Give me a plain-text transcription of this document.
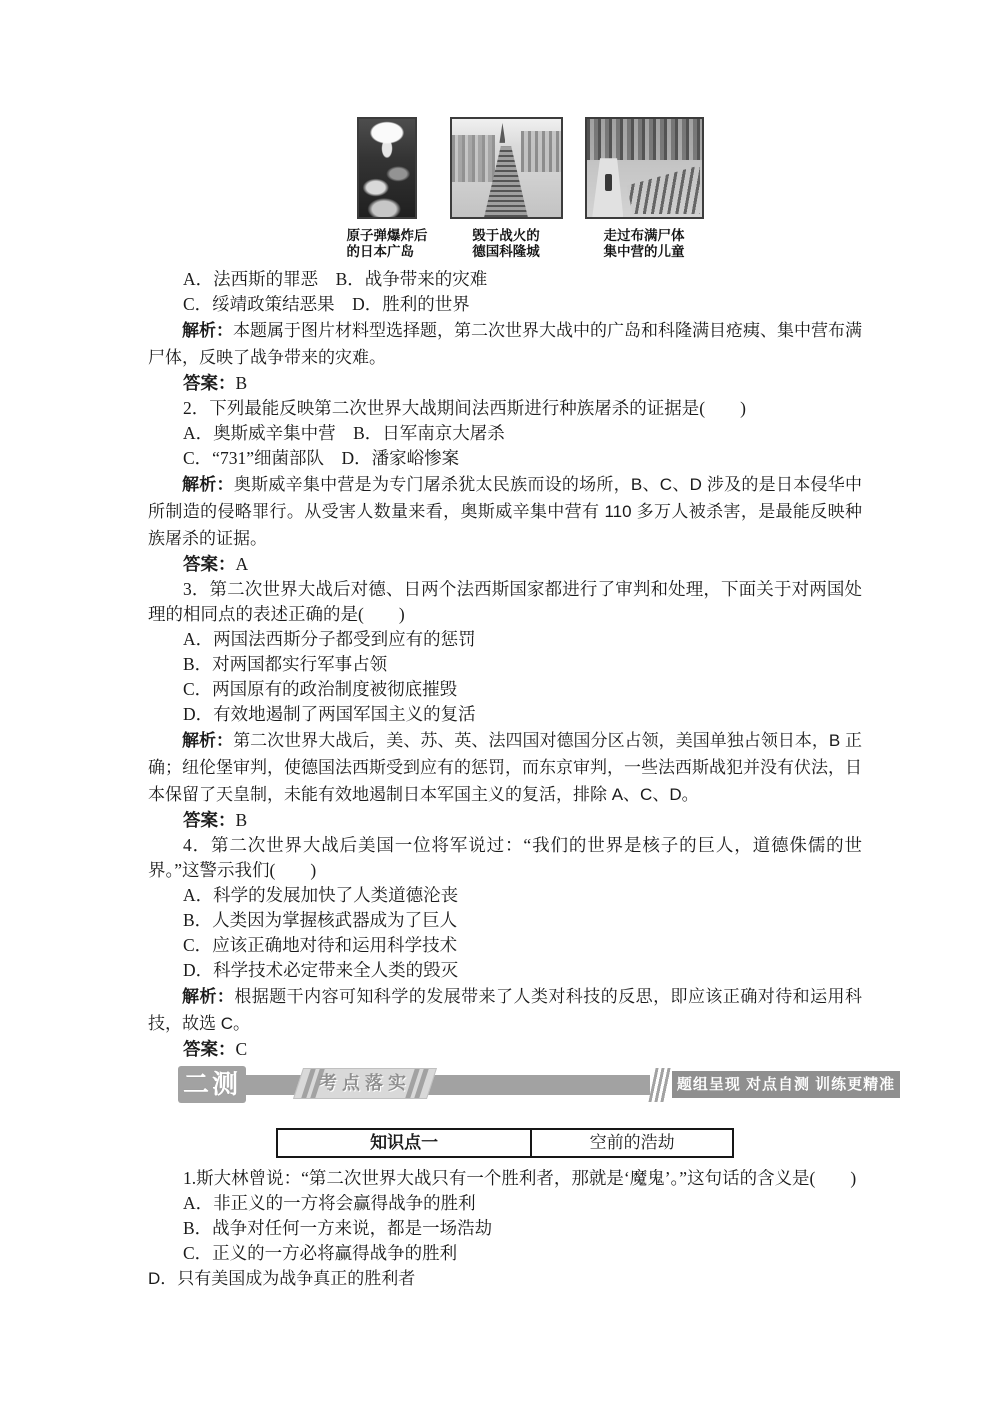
原子弹爆炸后
的日本广岛
毁于战火的
德国科隆城
走过布满尸体
集中营的儿童

A．法西斯的罪恶　B．战争带来的灾难

C．绥靖政策结恶果　D．胜利的世界

解析：本题属于图片材料型选择题，第二次世界大战中的广岛和科隆满目疮痍、集中营布满尸体，反映了战争带来的灾难。

答案：B

2．下列最能反映第二次世界大战期间法西斯进行种族屠杀的证据是(　　)

A．奥斯威辛集中营　B．日军南京大屠杀

C．“731”细菌部队　D．潘家峪惨案

解析：奥斯威辛集中营是为专门屠杀犹太民族而设的场所，B、C、D 涉及的是日本侵华中所制造的侵略罪行。从受害人数量来看，奥斯威辛集中营有 110 多万人被杀害，是最能反映种族屠杀的证据。

答案：A

3．第二次世界大战后对德、日两个法西斯国家都进行了审判和处理，下面关于对两国处理的相同点的表述正确的是(　　)

A．两国法西斯分子都受到应有的惩罚

B．对两国都实行军事占领

C．两国原有的政治制度被彻底摧毁

D．有效地遏制了两国军国主义的复活

解析：第二次世界大战后，美、苏、英、法四国对德国分区占领，美国单独占领日本，B 正确；纽伦堡审判，使德国法西斯受到应有的惩罚，而东京审判，一些法西斯战犯并没有伏法，日本保留了天皇制，未能有效地遏制日本军国主义的复活，排除 A、C、D。

答案：B

4．第二次世界大战后美国一位将军说过：“我们的世界是核子的巨人，道德侏儒的世界。”这警示我们(　　)

A．科学的发展加快了人类道德沦丧

B．人类因为掌握核武器成为了巨人

C．应该正确地对待和运用科学技术

D．科学技术必定带来全人类的毁灭

解析：根据题干内容可知科学的发展带来了人类对科技的反思，即应该正确对待和运用科技，故选 C。

答案：C

二测	考点落实	题组呈现 对点自测 训练更精准
知识点一	空前的浩劫

1.斯大林曾说：“第二次世界大战只有一个胜利者，那就是‘魔鬼’。”这句话的含义是(　　)

A．非正义的一方将会赢得战争的胜利

B．战争对任何一方来说，都是一场浩劫

C．正义的一方必将赢得战争的胜利

D．只有美国成为战争真正的胜利者
